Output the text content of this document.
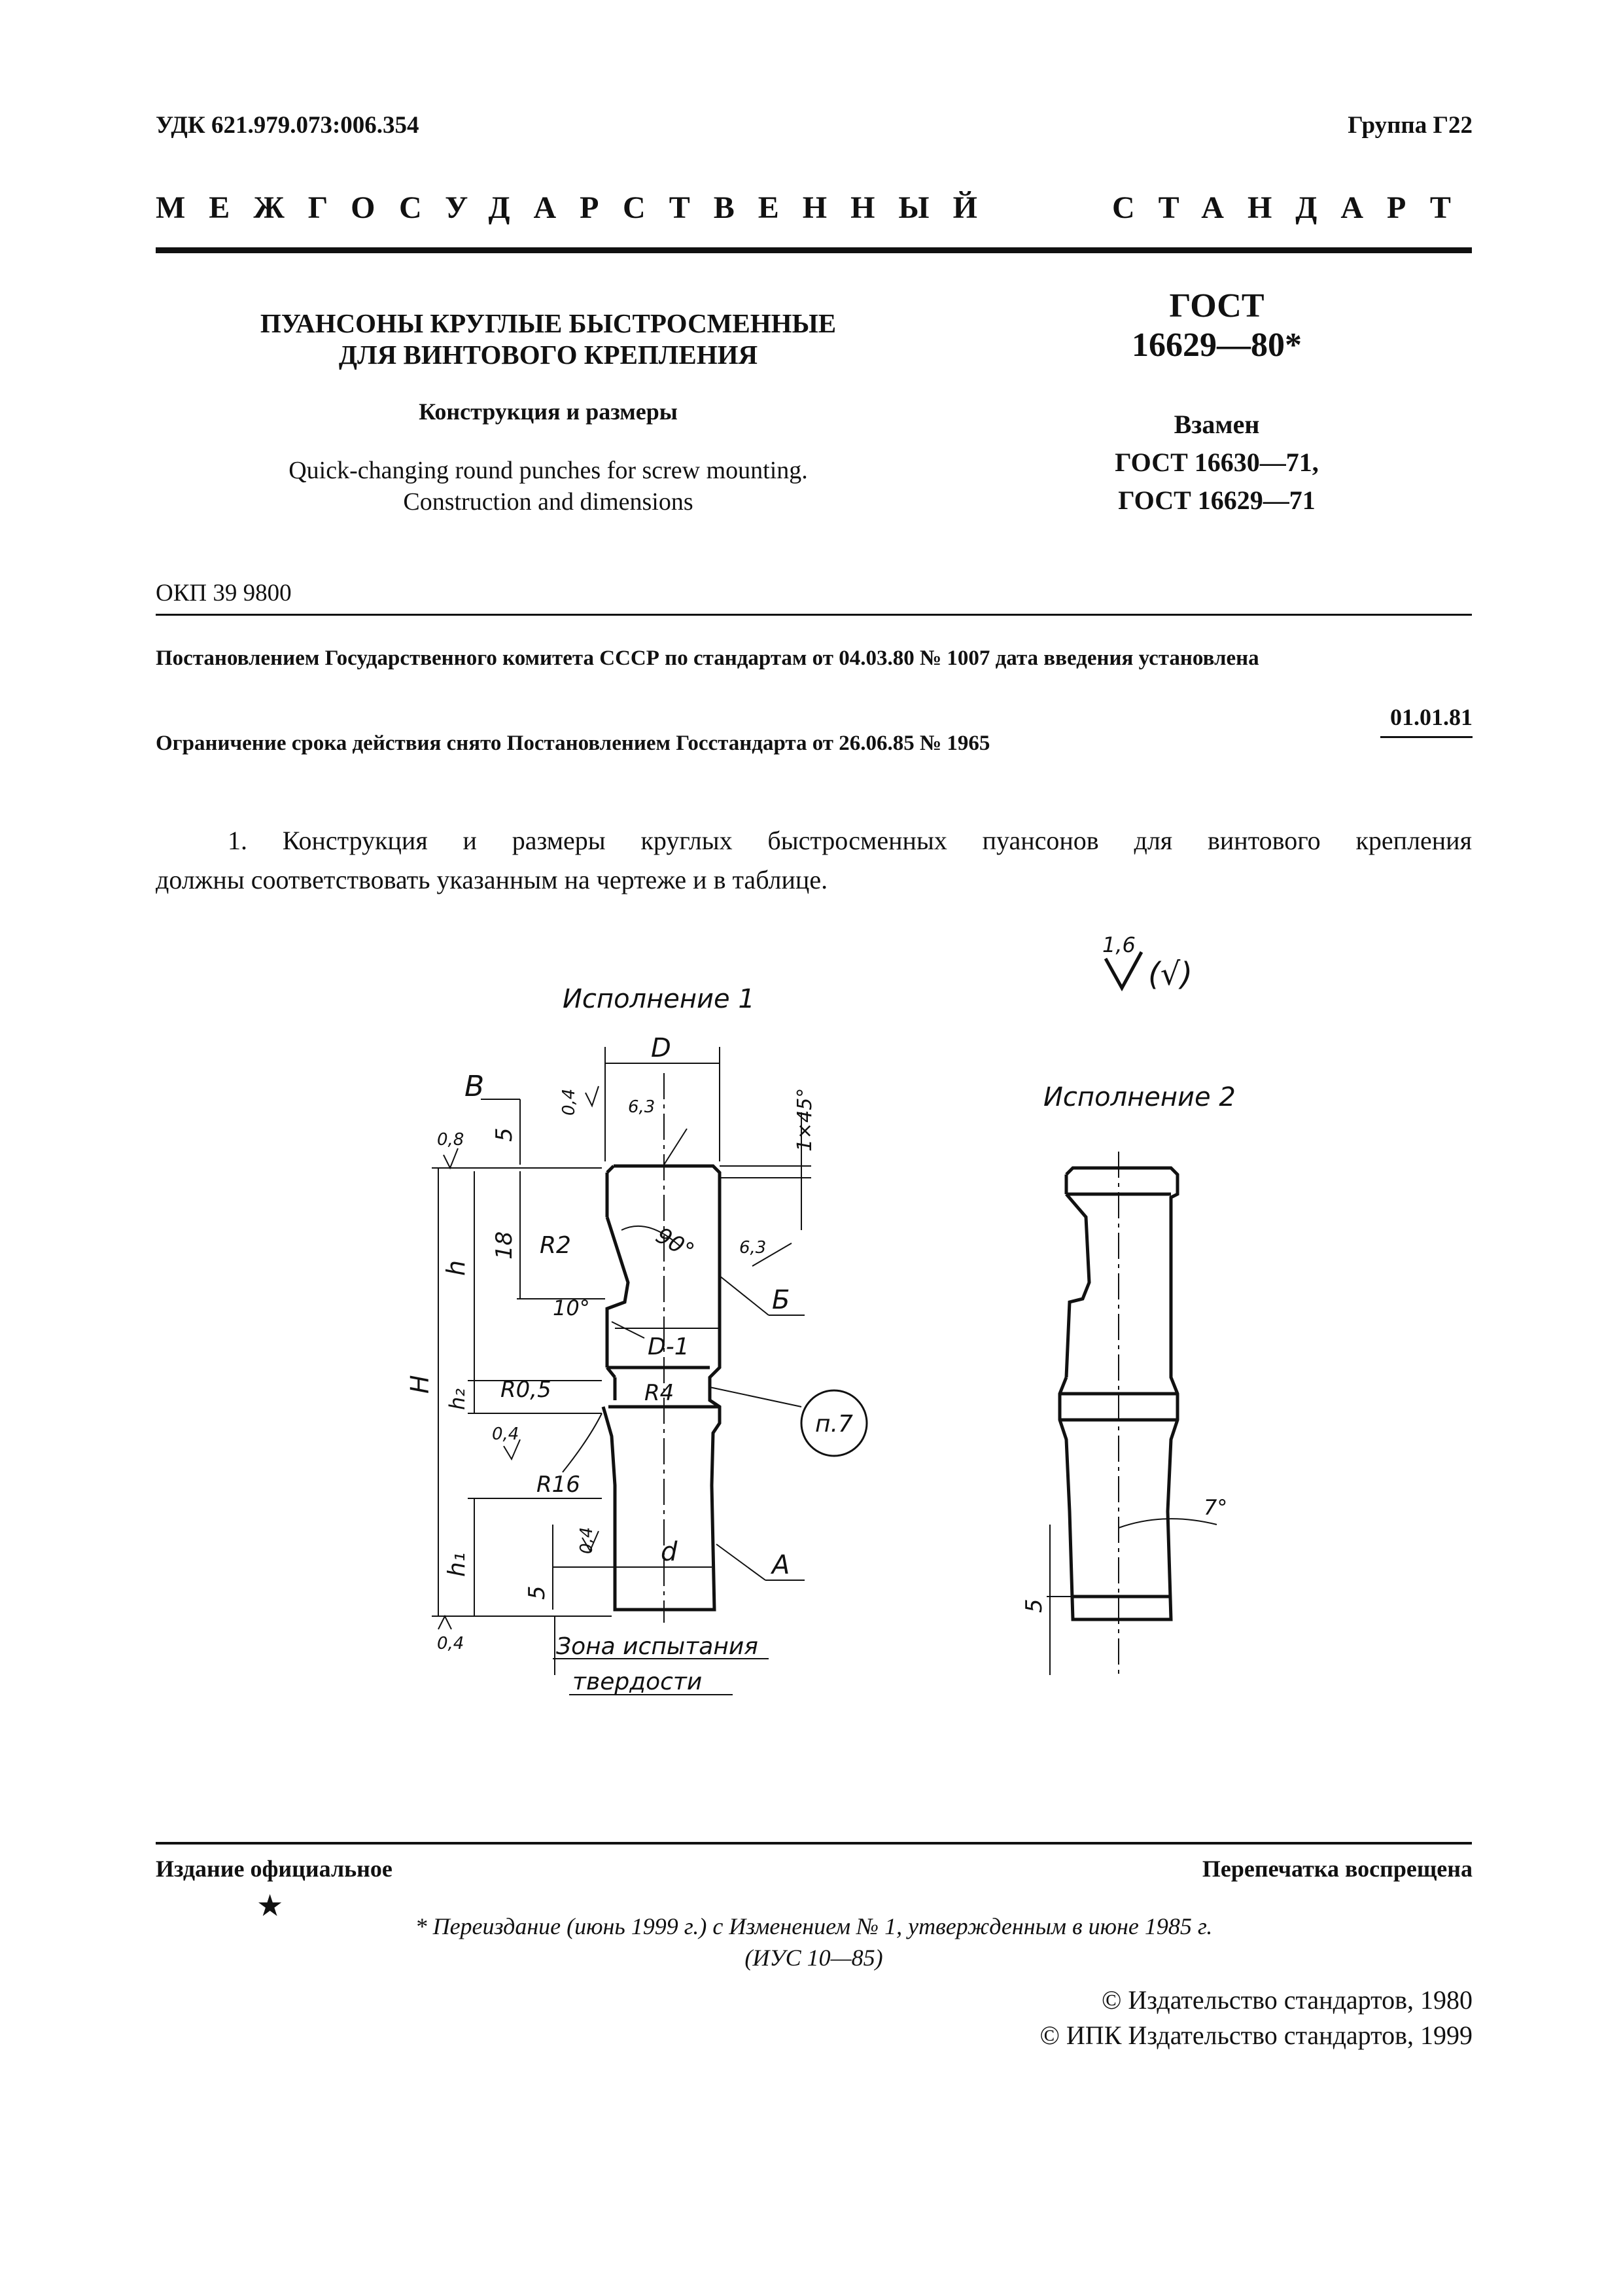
УДК 621.979.073:006.354	Группа Г22
МЕЖГОСУДАРСТВЕННЫЙ	СТАНДАРТ
ПУАНСОНЫ КРУГЛЫЕ БЫСТРОСМЕННЫЕ
ДЛЯ ВИНТОВОГО КРЕПЛЕНИЯ
Конструкция и размеры
Quick-changing round punches for screw mounting.
Construction and dimensions
ГОСТ
16629—80*
Взамен
ГОСТ 16630—71,
ГОСТ 16629—71
ОКП 39 9800
Постановлением Государственного комитета СССР по стандартам от 04.03.80 № 1007 дата введения установлена
01.01.81
Ограничение срока действия снято Постановлением Госстандарта от 26.06.85 № 1965
1. Конструкция и размеры круглых быстросменных пуансонов для винтового крепления
должны соответствовать указанным на чертеже и в таблице.
Исполнение 1
Исполнение 2
1,6
(√)
D
D-1
d
1×45°
H
h
h₂
h₁
18
5
5
5
R2
R0,5	R4
R16
90°
10°
7°
0,4	6,3
0,8
6,3
0,4
0,4
0,4
В
Б
А
п.7
Зона испытания
твердости
Издание официальное
★
Перепечатка воспрещена
* Переиздание (июнь 1999 г.) с Изменением № 1, утвержденным в июне 1985 г.
(ИУС 10—85)
© Издательство стандартов, 1980
© ИПК Издательство стандартов, 1999
